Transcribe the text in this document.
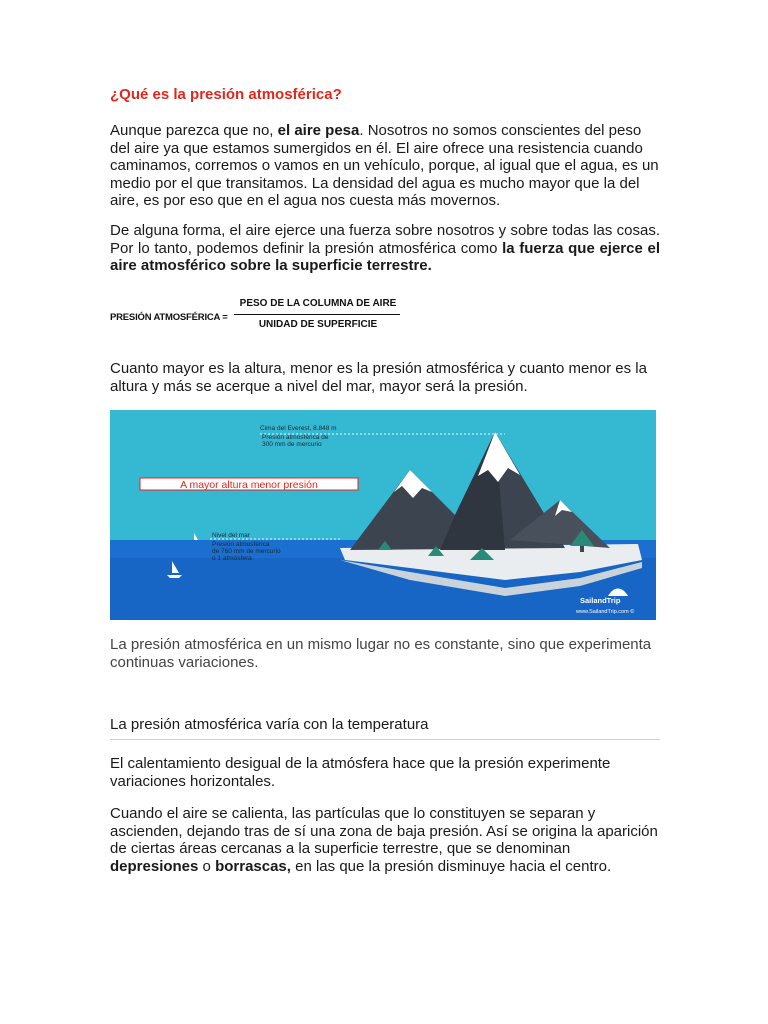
¿Qué es la presión atmosférica?

Aunque parezca que no, el aire pesa. Nosotros no somos conscientes del peso del aire ya que estamos sumergidos en él. El aire ofrece una resistencia cuando caminamos, corremos o vamos en un vehículo, porque, al igual que el agua, es un medio por el que transitamos. La densidad del agua es mucho mayor que la del aire, es por eso que en el agua nos cuesta más movernos.

De alguna forma, el aire ejerce una fuerza sobre nosotros y sobre todas las cosas. Por lo tanto, podemos definir la presión atmosférica como la fuerza que ejerce el aire atmosférico sobre la superficie terrestre.

PRESIÓN ATMOSFÉRICA =
PESO DE LA COLUMNA DE AIRE
UNIDAD DE SUPERFICIE

Cuanto mayor es la altura, menor es la presión atmosférica y cuanto menor es la altura y más se acerque a nivel del mar, mayor será la presión.

A mayor altura menor presión
Cima del Everest, 8.848 m
Presión atmosférica de
300 mm de mercurio
Nivel del mar
Presión atmosférica
de 760 mm de mercurio
o 1 atmósfera
SailandTrip
www.SailandTrip.com ©

La presión atmosférica en un mismo lugar no es constante, sino que experimenta continuas variaciones.

La presión atmosférica varía con la temperatura

El calentamiento desigual de la atmósfera hace que la presión experimente variaciones horizontales.

Cuando el aire se calienta, las partículas que lo constituyen se separan y ascienden, dejando tras de sí una zona de baja presión. Así se origina la aparición de ciertas áreas cercanas a la superficie terrestre, que se denominan depresiones o borrascas, en las que la presión disminuye hacia el centro.
